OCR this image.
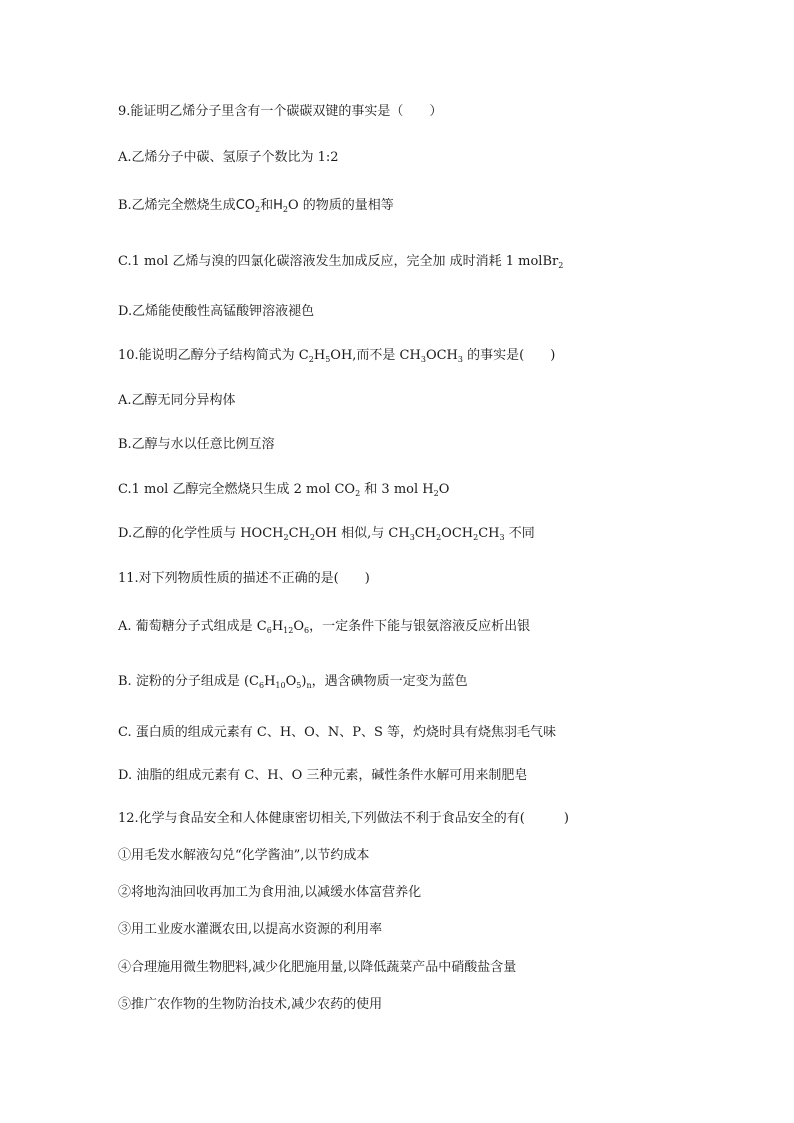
9.能证明乙烯分子里含有一个碳碳双键的事实是（　　）
A.乙烯分子中碳、氢原子个数比为 1:2
B.乙烯完全燃烧生成$CO_2$和$H_2O$ 的物质的量相等
C.1 mol 乙烯与溴的四氯化碳溶液发生加成反应，完全加 成时消耗 1 molBr$_2$
D.乙烯能使酸性高锰酸钾溶液褪色
10.能说明乙醇分子结构简式为 $C_2H_5OH$,而不是 $CH_3OCH_3$ 的事实是(　　)
A.乙醇无同分异构体
B.乙醇与水以任意比例互溶
C.1 mol 乙醇完全燃烧只生成 2 mol $CO_2$ 和 3 mol $H_2O$
D.乙醇的化学性质与 $HOCH_2CH_2OH$ 相似,与 $CH_3CH_2OCH_2CH_3$ 不同
11.对下列物质性质的描述不正确的是(　　)
A. 葡萄糖分子式组成是 $C_6H_{12}O_6$，一定条件下能与银氨溶液反应析出银
B. 淀粉的分子组成是 $(C_6H_{10}O_5)_n$，遇含碘物质一定变为蓝色
C. 蛋白质的组成元素有 C、H、O、N、P、S 等，灼烧时具有烧焦羽毛气味
D. 油脂的组成元素有 C、H、O 三种元素，碱性条件水解可用来制肥皂
12.化学与食品安全和人体健康密切相关,下列做法不利于食品安全的有(　　　)
①用毛发水解液勾兑“化学酱油”,以节约成本
②将地沟油回收再加工为食用油,以减缓水体富营养化
③用工业废水灌溉农田,以提高水资源的利用率
④合理施用微生物肥料,减少化肥施用量,以降低蔬菜产品中硝酸盐含量
⑤推广农作物的生物防治技术,减少农药的使用
